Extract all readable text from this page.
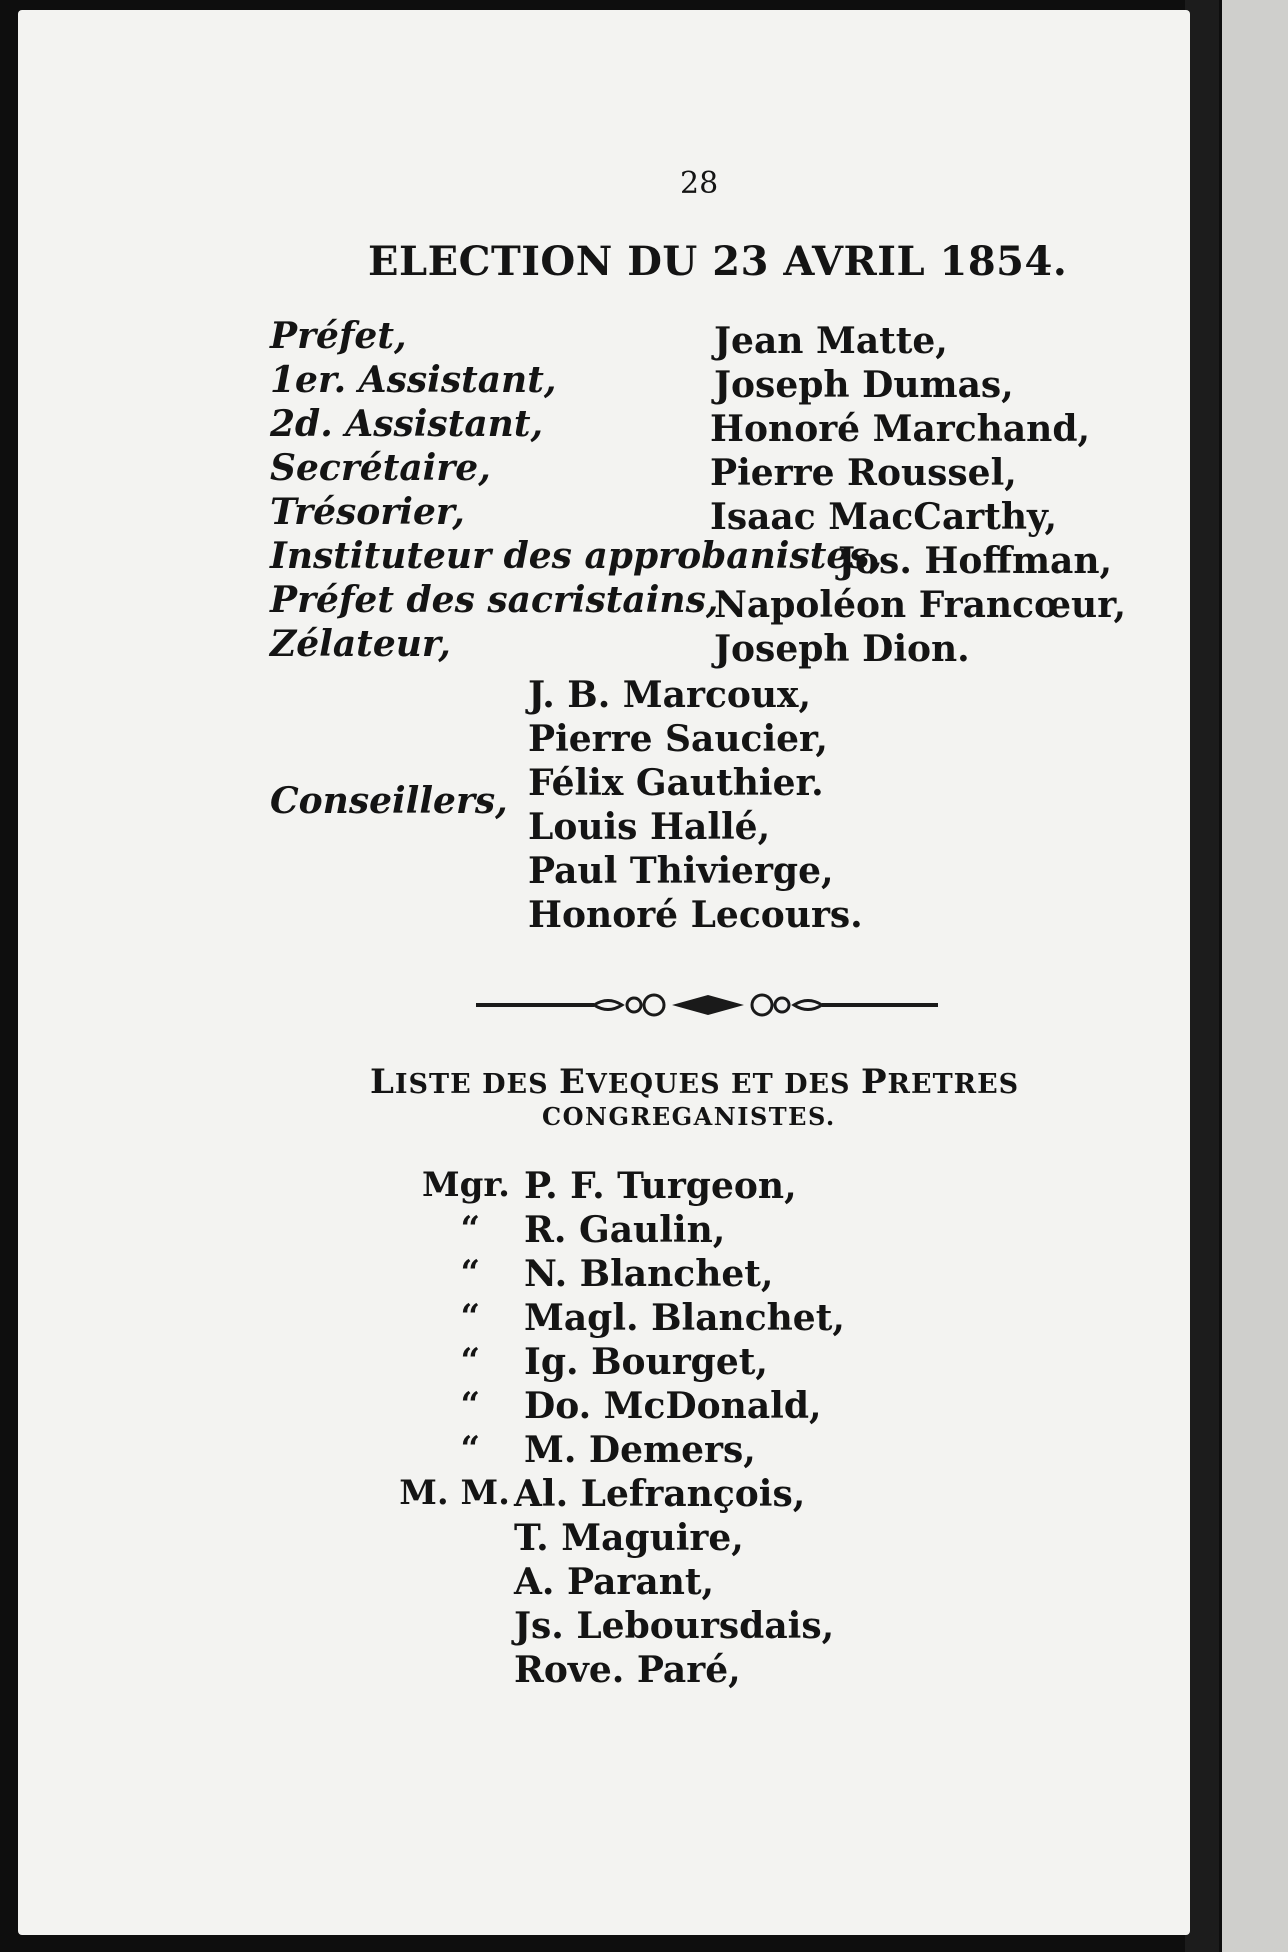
28
ELECTION DU 23 AVRIL 1854.
Préfet,
1er. Assistant,
2d. Assistant,
Secrétaire,
Trésorier,
Instituteur des approbanistes,
Préfet des sacristains,
Zélateur,
Jean Matte,
Joseph Dumas,
Honoré Marchand,
Pierre Roussel,
Isaac MacCarthy,
Jos. Hoffman,
Napoléon Francœur,
Joseph Dion.
Conseillers,
J. B. Marcoux,
Pierre Saucier,
Félix Gauthier.
Louis Hallé,
Paul Thivierge,
Honoré Lecours.
LISTE DES EVEQUES ET DES PRETRES
CONGREGANISTES.
Mgr.
“
“
“
“
“
“
M. M.
P. F. Turgeon,
R. Gaulin,
N. Blanchet,
Magl. Blanchet,
Ig. Bourget,
Do. McDonald,
M. Demers,
Al. Lefrançois,
T. Maguire,
A. Parant,
Js. Leboursdais,
Rove. Paré,
